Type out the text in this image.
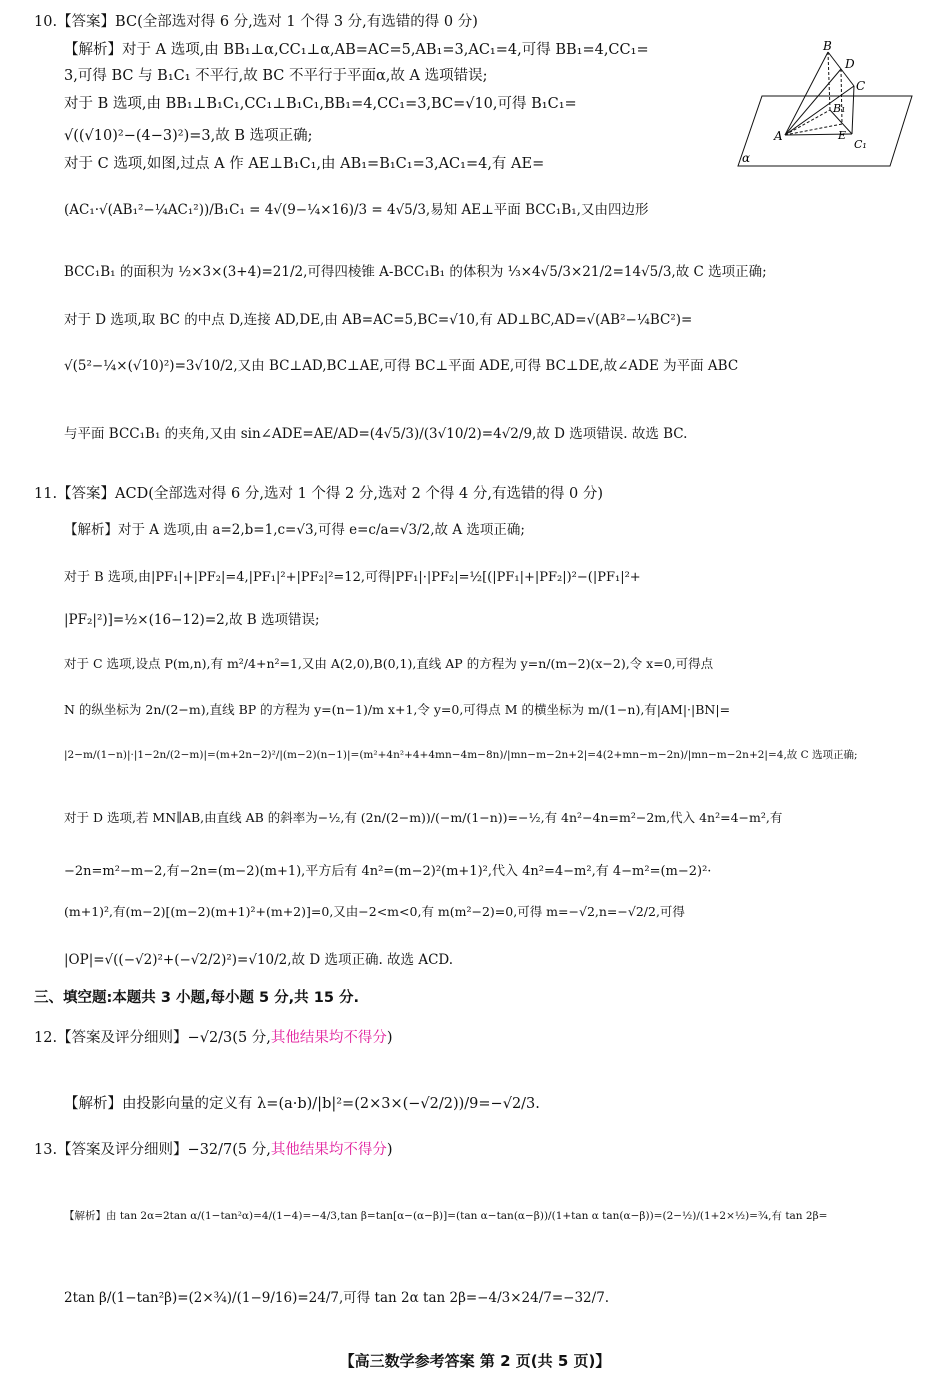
10.【答案】BC(全部选对得 6 分,选对 1 个得 3 分,有选错的得 0 分)
【解析】对于 A 选项,由 BB₁⊥α,CC₁⊥α,AB=AC=5,AB₁=3,AC₁=4,可得 BB₁=4,CC₁=
3,可得 BC 与 B₁C₁ 不平行,故 BC 不平行于平面α,故 A 选项错误;
对于 B 选项,由 BB₁⊥B₁C₁,CC₁⊥B₁C₁,BB₁=4,CC₁=3,BC=√10,可得 B₁C₁=
√((√10)²−(4−3)²)=3,故 B 选项正确;
对于 C 选项,如图,过点 A 作 AE⊥B₁C₁,由 AB₁=B₁C₁=3,AC₁=4,有 AE=
(AC₁·√(AB₁²−¼AC₁²))/B₁C₁ = 4√(9−¼×16)/3 = 4√5/3,易知 AE⊥平面 BCC₁B₁,又由四边形
BCC₁B₁ 的面积为 ½×3×(3+4)=21/2,可得四棱锥 A-BCC₁B₁ 的体积为 ⅓×4√5/3×21/2=14√5/3,故 C 选项正确;
对于 D 选项,取 BC 的中点 D,连接 AD,DE,由 AB=AC=5,BC=√10,有 AD⊥BC,AD=√(AB²−¼BC²)=
√(5²−¼×(√10)²)=3√10/2,又由 BC⊥AD,BC⊥AE,可得 BC⊥平面 ADE,可得 BC⊥DE,故∠ADE 为平面 ABC
与平面 BCC₁B₁ 的夹角,又由 sin∠ADE=AE/AD=(4√5/3)/(3√10/2)=4√2/9,故 D 选项错误. 故选 BC.
B
D
C
B₁
A	E
C₁
α
11.【答案】ACD(全部选对得 6 分,选对 1 个得 2 分,选对 2 个得 4 分,有选错的得 0 分)
【解析】对于 A 选项,由 a=2,b=1,c=√3,可得 e=c/a=√3/2,故 A 选项正确;
对于 B 选项,由|PF₁|+|PF₂|=4,|PF₁|²+|PF₂|²=12,可得|PF₁|·|PF₂|=½[(|PF₁|+|PF₂|)²−(|PF₁|²+
|PF₂|²)]=½×(16−12)=2,故 B 选项错误;
对于 C 选项,设点 P(m,n),有 m²/4+n²=1,又由 A(2,0),B(0,1),直线 AP 的方程为 y=n/(m−2)(x−2),令 x=0,可得点
N 的纵坐标为 2n/(2−m),直线 BP 的方程为 y=(n−1)/m x+1,令 y=0,可得点 M 的横坐标为 m/(1−n),有|AM|·|BN|=
|2−m/(1−n)|·|1−2n/(2−m)|=(m+2n−2)²/|(m−2)(n−1)|=(m²+4n²+4+4mn−4m−8n)/|mn−m−2n+2|=4(2+mn−m−2n)/|mn−m−2n+2|=4,故 C 选项正确;
对于 D 选项,若 MN∥AB,由直线 AB 的斜率为−½,有 (2n/(2−m))/(−m/(1−n))=−½,有 4n²−4n=m²−2m,代入 4n²=4−m²,有
−2n=m²−m−2,有−2n=(m−2)(m+1),平方后有 4n²=(m−2)²(m+1)²,代入 4n²=4−m²,有 4−m²=(m−2)²·
(m+1)²,有(m−2)[(m−2)(m+1)²+(m+2)]=0,又由−2<m<0,有 m(m²−2)=0,可得 m=−√2,n=−√2/2,可得
|OP|=√((−√2)²+(−√2/2)²)=√10/2,故 D 选项正确. 故选 ACD.
三、填空题:本题共 3 小题,每小题 5 分,共 15 分.
12.【答案及评分细则】−√2/3(5 分,其他结果均不得分)
【解析】由投影向量的定义有 λ=(a·b)/|b|²=(2×3×(−√2/2))/9=−√2/3.
13.【答案及评分细则】−32/7(5 分,其他结果均不得分)
【解析】由 tan 2α=2tan α/(1−tan²α)=4/(1−4)=−4/3,tan β=tan[α−(α−β)]=(tan α−tan(α−β))/(1+tan α tan(α−β))=(2−½)/(1+2×½)=¾,有 tan 2β=
2tan β/(1−tan²β)=(2×¾)/(1−9/16)=24/7,可得 tan 2α tan 2β=−4/3×24/7=−32/7.
【高三数学参考答案 第 2 页(共 5 页)】
